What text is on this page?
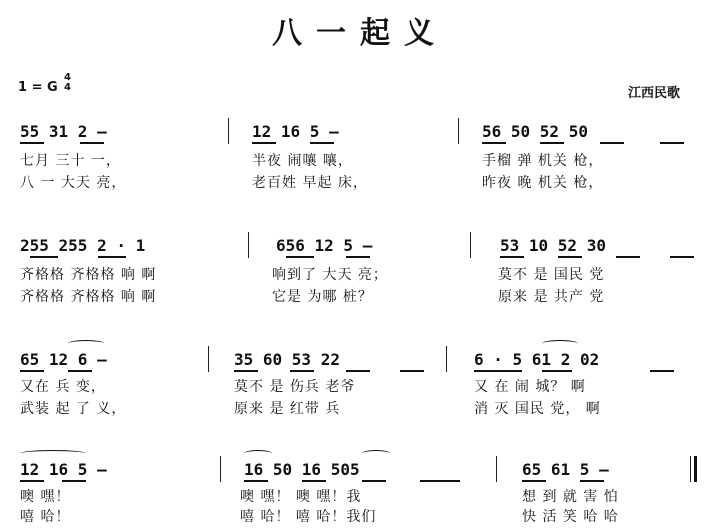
八一起义
1 = G
4
4	江西民歌
55 31 2 –	12 16 5 –	56 50 52 50
七月 三十 一，	半夜 闹嚷 嚷，	手榴 弹 机关 枪，
八 一 大天 亮，	老百姓 早起 床，	昨夜 晚 机关 枪，
255 255 2 · 1	656 12 5 –	53 10 52 30
齐格格 齐格格 响 啊	响到了 大天 亮；	莫不 是 国民 党
齐格格 齐格格 响 啊	它是 为哪 桩？	原来 是 共产 党
65 12 6 –	35 60 53 22	6 · 5 61 2 02
又在 兵 变，	莫不 是 伤兵 老爷	又 在 闹 城？ 啊
武装 起 了 义，	原来 是 红带 兵	消 灭 国民 党， 啊
12 16 5 –	16 50 16 505	65 61 5 –
噢 嘿！	噢 嘿！ 噢 嘿！我	想 到 就 害 怕
嘻 哈！	嘻 哈！ 嘻 哈！我们	快 活 笑 哈 哈
